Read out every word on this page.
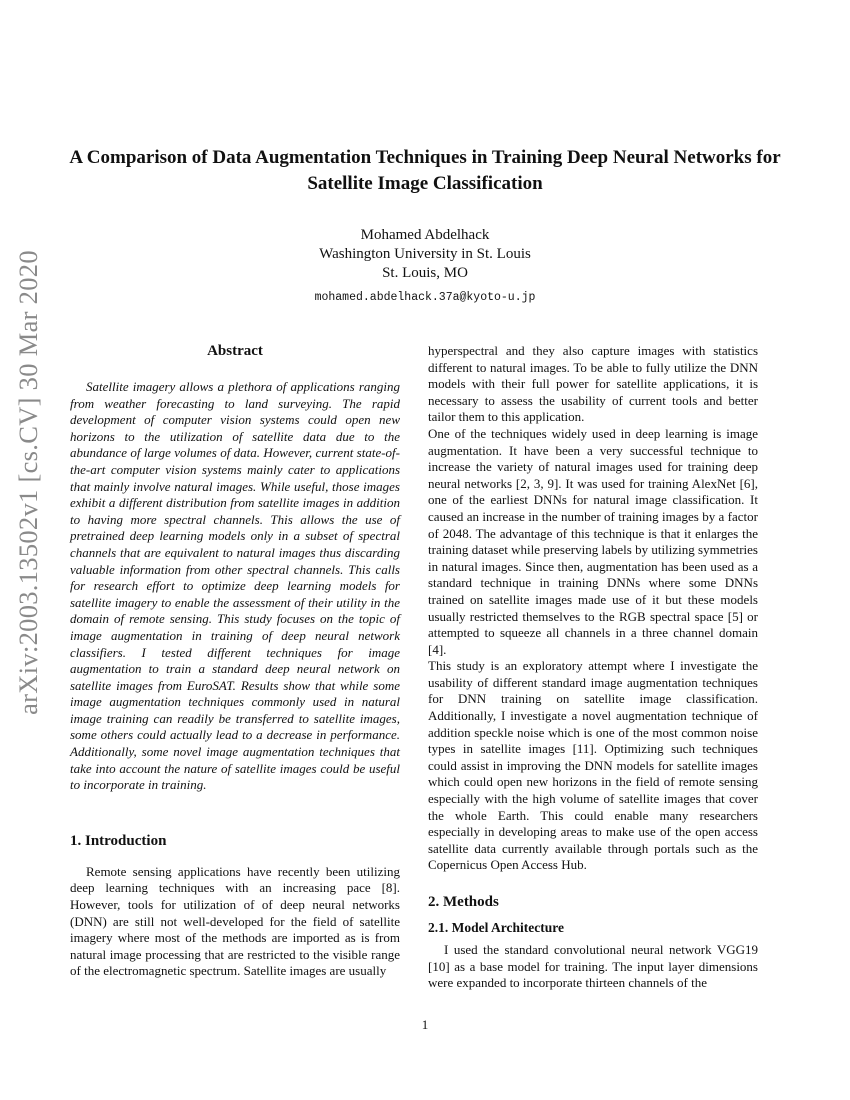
arXiv:2003.13502v1 [cs.CV] 30 Mar 2020
A Comparison of Data Augmentation Techniques in Training Deep Neural Networks for Satellite Image Classification
Mohamed Abdelhack
Washington University in St. Louis
St. Louis, MO
mohamed.abdelhack.37a@kyoto-u.jp
Abstract

Satellite imagery allows a plethora of applications ranging from weather forecasting to land surveying. The rapid development of computer vision systems could open new horizons to the utilization of satellite data due to the abundance of large volumes of data. However, current state-of-the-art computer vision systems mainly cater to applications that mainly involve natural images. While useful, those images exhibit a different distribution from satellite images in addition to having more spectral channels. This allows the use of pretrained deep learning models only in a subset of spectral channels that are equivalent to natural images thus discarding valuable information from other spectral channels. This calls for research effort to optimize deep learning models for satellite imagery to enable the assessment of their utility in the domain of remote sensing. This study focuses on the topic of image augmentation in training of deep neural network classifiers. I tested different techniques for image augmentation to train a standard deep neural network on satellite images from EuroSAT. Results show that while some image augmentation techniques commonly used in natural image training can readily be transferred to satellite images, some others could actually lead to a decrease in performance. Additionally, some novel image augmentation techniques that take into account the nature of satellite images could be useful to incorporate in training.

1. Introduction

Remote sensing applications have recently been utilizing deep learning techniques with an increasing pace [8]. However, tools for utilization of of deep neural networks (DNN) are still not well-developed for the field of satellite imagery where most of the methods are imported as is from natural image processing that are restricted to the visible range of the electromagnetic spectrum. Satellite images are usually

hyperspectral and they also capture images with statistics different to natural images. To be able to fully utilize the DNN models with their full power for satellite applications, it is necessary to assess the usability of current tools and better tailor them to this application.

One of the techniques widely used in deep learning is image augmentation. It have been a very successful technique to increase the variety of natural images used for training deep neural networks [2, 3, 9]. It was used for training AlexNet [6], one of the earliest DNNs for natural image classification. It caused an increase in the number of training images by a factor of 2048. The advantage of this technique is that it enlarges the training dataset while preserving labels by utilizing symmetries in natural images. Since then, augmentation has been used as a standard technique in training DNNs where some DNNs trained on satellite images made use of it but these models usually restricted themselves to the RGB spectral space [5] or attempted to squeeze all channels in a three channel domain [4].

This study is an exploratory attempt where I investigate the usability of different standard image augmentation techniques for DNN training on satellite image classification. Additionally, I investigate a novel augmentation technique of addition speckle noise which is one of the most common noise types in satellite images [11]. Optimizing such techniques could assist in improving the DNN models for satellite images which could open new horizons in the field of remote sensing especially with the high volume of satellite images that cover the whole Earth. This could enable many researchers especially in developing areas to make use of the open access satellite data currently available through portals such as the Copernicus Open Access Hub.

2. Methods
2.1. Model Architecture

I used the standard convolutional neural network VGG19 [10] as a base model for training. The input layer dimensions were expanded to incorporate thirteen channels of the

1
